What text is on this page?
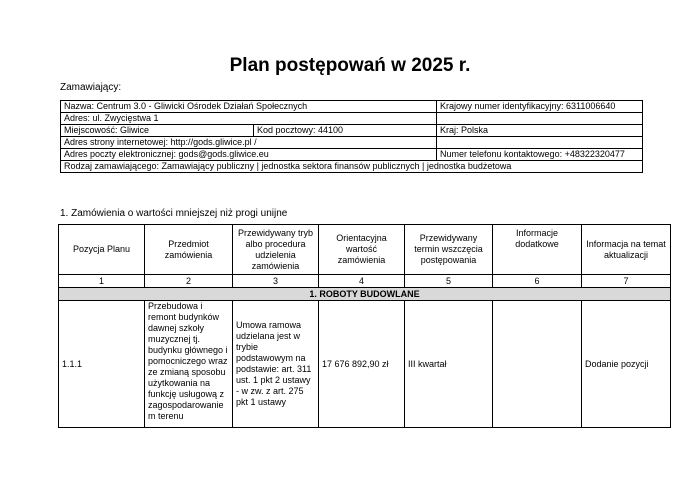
Plan postępowań w 2025 r.
Zamawiający:
Nazwa: Centrum 3.0 - Gliwicki Ośrodek Działań Społecznych		Krajowy numer identyfikacyjny: 6311006640
Adres: ul. Zwycięstwa 1		
Miejscowość: Gliwice	Kod pocztowy: 44100	Kraj: Polska
Adres strony internetowej: http://gods.gliwice.pl /		
Adres poczty elektronicznej: gods@gods.gliwice.eu		Numer telefonu kontaktowego: +48322320477
Rodzaj zamawiającego: Zamawiający publiczny | jednostka sektora finansów publicznych | jednostka budżetowa		
1. Zamówienia o wartości mniejszej niż progi unijne
Pozycja Planu	Przedmiot zamówienia	Przewidywany tryb albo procedura udzielenia zamówienia	Orientacyjna wartość zamówienia	Przewidywany termin wszczęcia postępowania	Informacje dodatkowe	Informacja na temat aktualizacji
1	2	3	4	5	6	7
1. ROBOTY BUDOWLANE						
1.1.1	Przebudowa i remont budynków dawnej szkoły muzycznej tj. budynku głównego i pomocniczego wraz ze zmianą sposobu użytkowania na funkcję usługową z zagospodarowanie m terenu	Umowa ramowa udzielana jest w trybie podstawowym na podstawie: art. 311 ust. 1 pkt 2 ustawy - w zw. z art. 275 pkt 1 ustawy	17 676 892,90 zł	III kwartał		Dodanie pozycji
